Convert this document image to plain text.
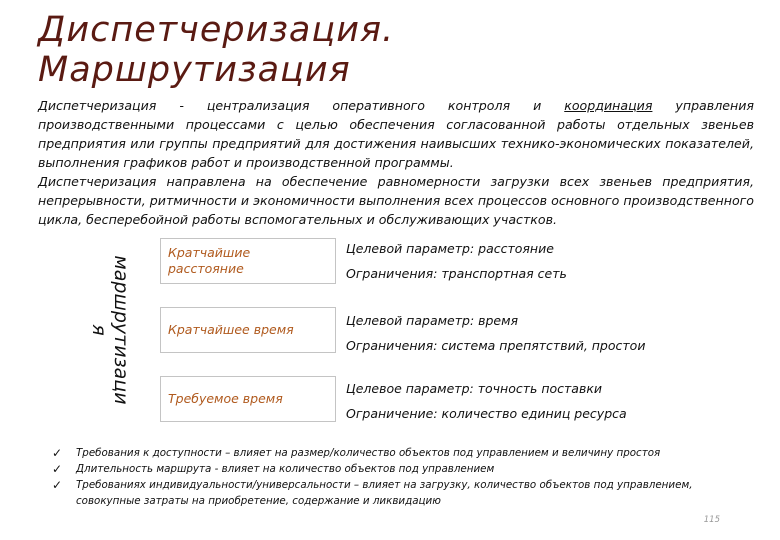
Диспетчеризация.
Маршрутизация

Диспетчеризация - централизация оперативного контроля и координация управления производственными процессами с целью обеспечения согласованной работы отдельных звеньев предприятия или группы предприятий для достижения наивысших технико-экономических показателей, выполнения графиков работ и производственной программы.

Диспетчеризация направлена на обеспечение равномерности загрузки всех звеньев предприятия, непрерывности, ритмичности и экономичности выполнения всех процессов основного производственного цикла, бесперебойной работы вспомогательных и обслуживающих участков.

маршрутизаци
я
Кратчайшие расстояние
Целевой параметр: расстояние
Ограничения: транспортная сеть
Кратчайшее время
Целевой параметр: время
Ограничения: система препятствий, простои
Требуемое время
Целевое параметр: точность поставки
Ограничение: количество единиц ресурса
✓ Требования к доступности – влияет на размер/количество объектов под управлением и величину простоя
✓ Длительность маршрута - влияет на количество объектов под управлением
✓ Требованиях индивидуальности/универсальности – влияет на загрузку, количество объектов под управлением, совокупные затраты на приобретение, содержание и ликвидацию
115
